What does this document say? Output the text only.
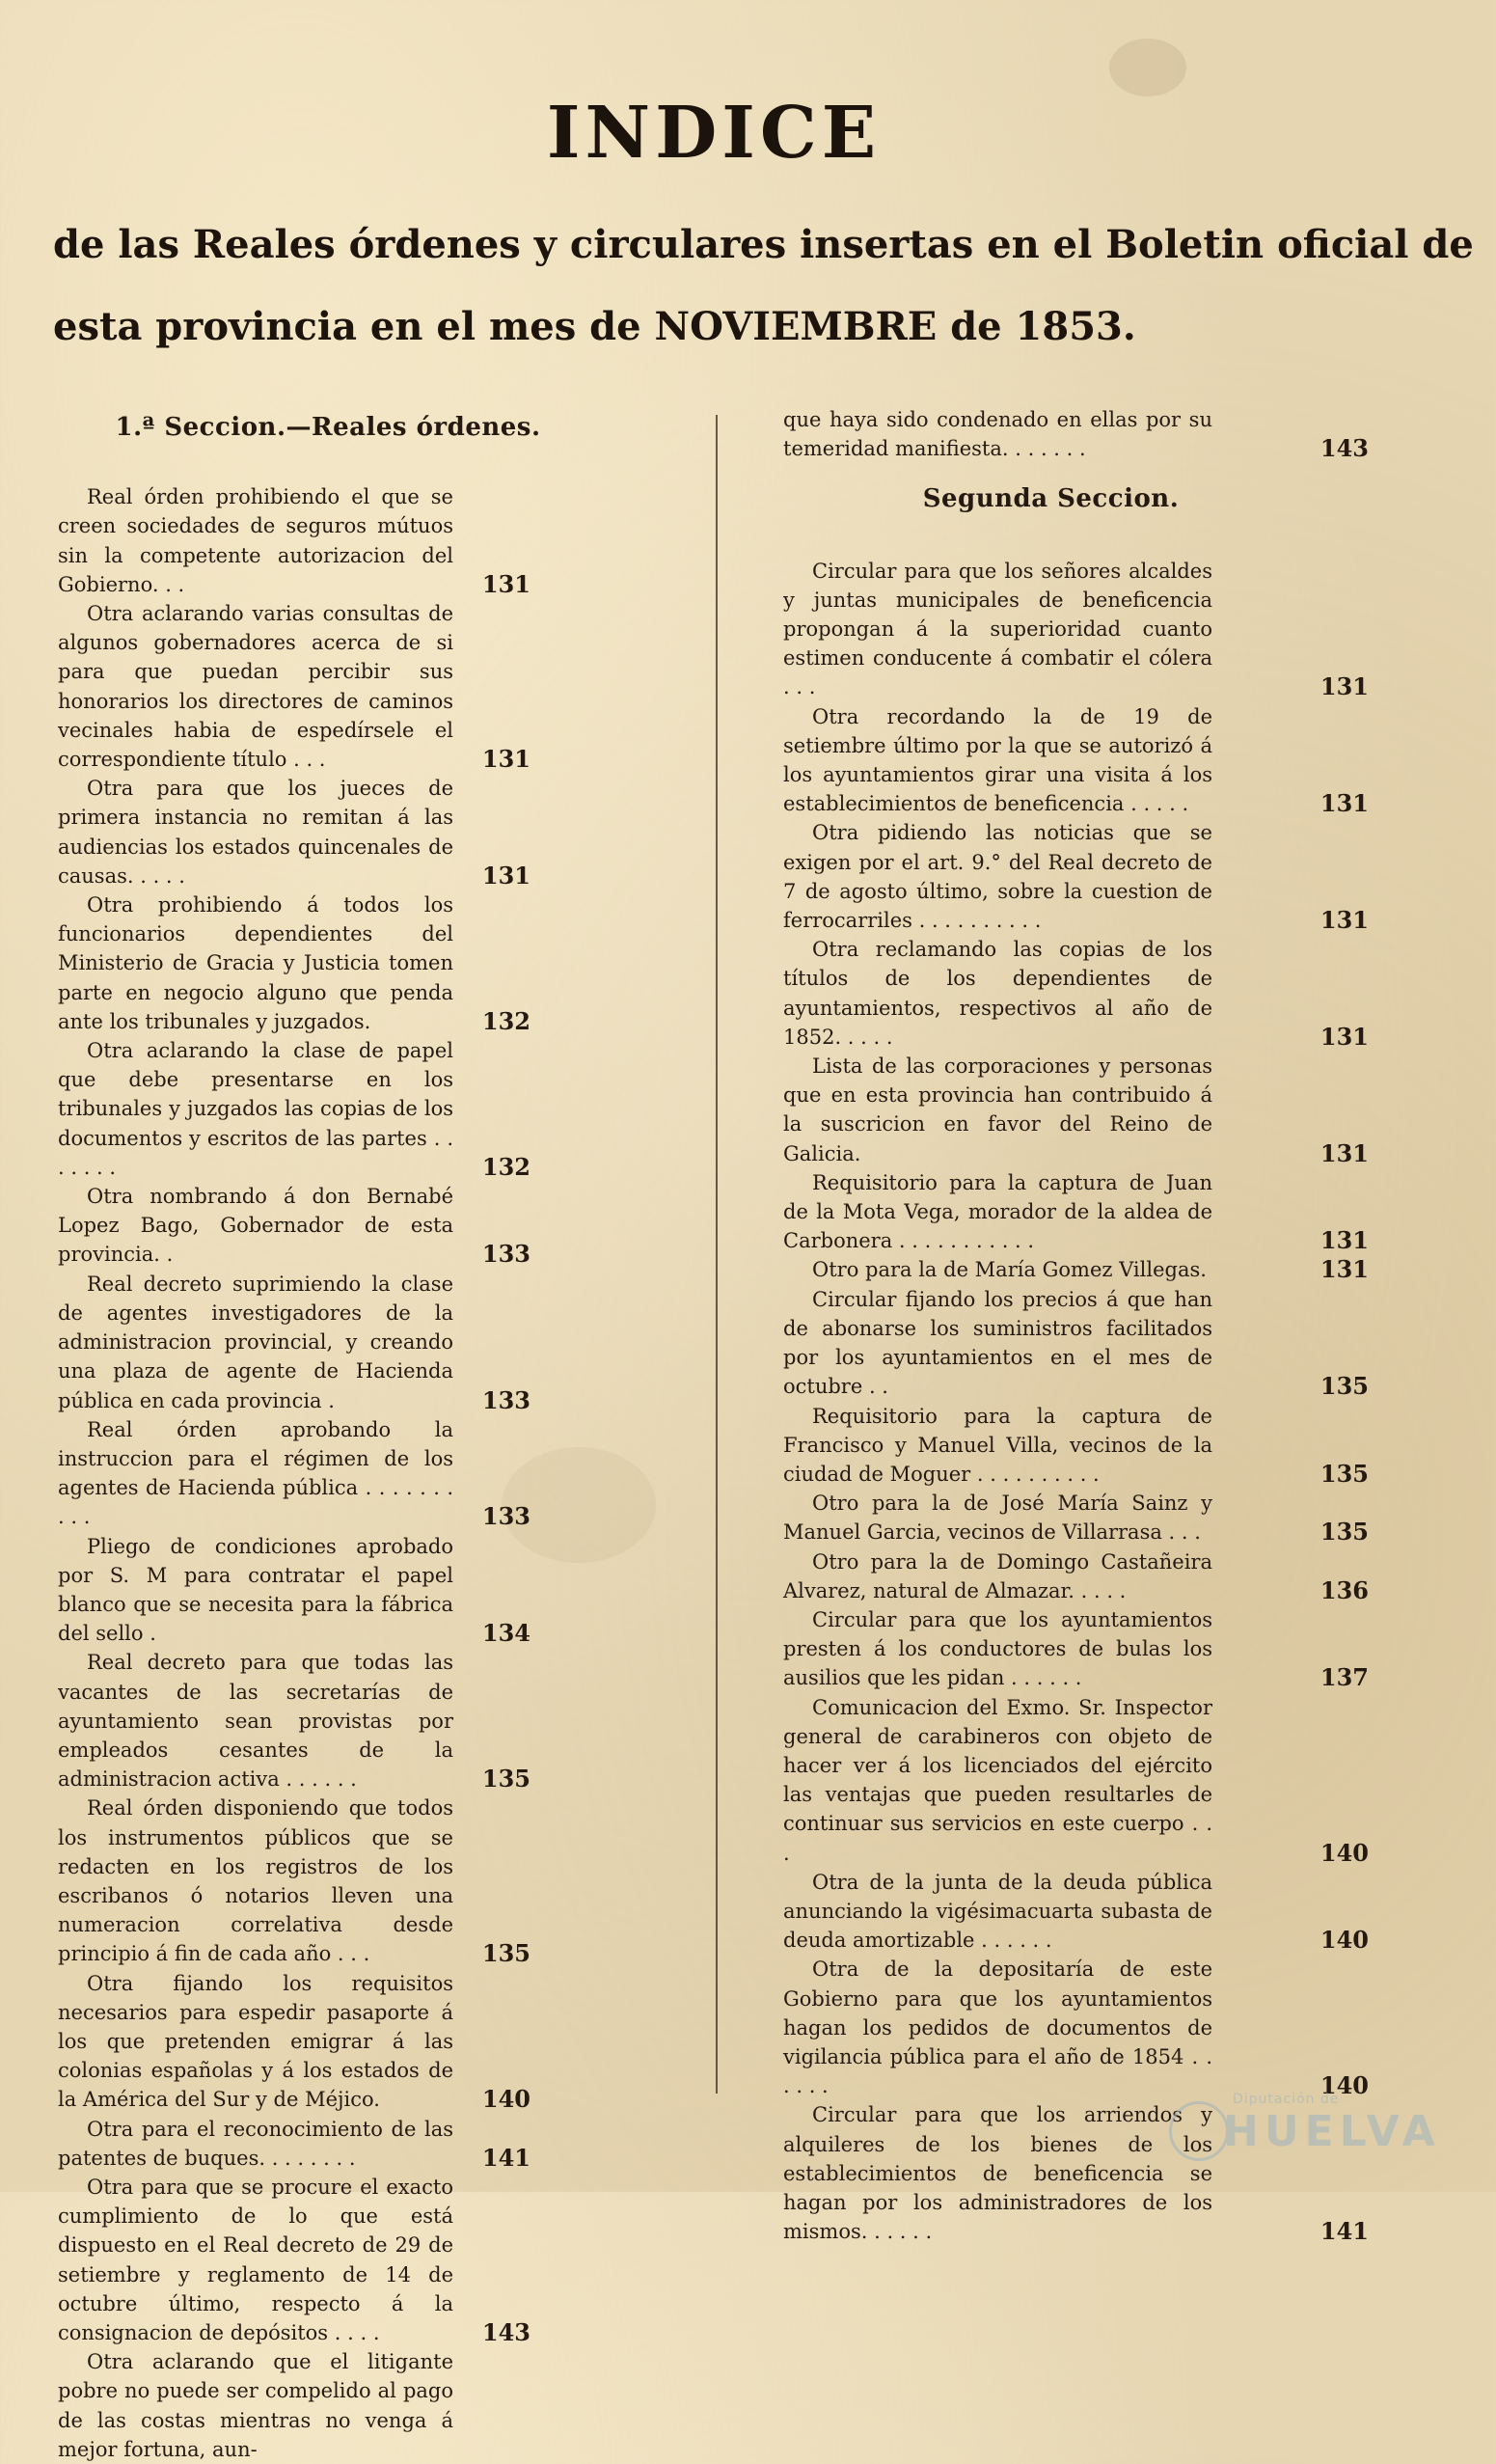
INDICE
de las Reales órdenes y circulares insertas en el Boletin oficial de
esta provincia en el mes de NOVIEMBRE de 1853.
1.ª Seccion.—Reales órdenes.
Real órden prohibiendo el que se creen sociedades de seguros mútuos sin la competente autorizacion del Gobierno. . .	131
Otra aclarando varias consultas de algunos gobernadores acerca de si para que puedan percibir sus honorarios los directores de caminos vecinales habia de espedírsele el correspondiente título . . .	131
Otra para que los jueces de primera instancia no remitan á las audiencias los estados quincenales de causas. . . . .	131
Otra prohibiendo á todos los funcionarios dependientes del Ministerio de Gracia y Justicia tomen parte en negocio alguno que penda ante los tribunales y juzgados.	132
Otra aclarando la clase de papel que debe presentarse en los tribunales y juzgados las copias de los documentos y escritos de las partes . . . . . . .	132
Otra nombrando á don Bernabé Lopez Bago, Gobernador de esta provincia. .	133
Real decreto suprimiendo la clase de agentes investigadores de la administracion provincial, y creando una plaza de agente de Hacienda pública en cada provincia .	133
Real órden aprobando la instruccion para el régimen de los agentes de Hacienda pública . . . . . . . . . .	133
Pliego de condiciones aprobado por S. M para contratar el papel blanco que se necesita para la fábrica del sello .	134
Real decreto para que todas las vacantes de las secretarías de ayuntamiento sean provistas por empleados cesantes de la administracion activa . . . . . .	135
Real órden disponiendo que todos los instrumentos públicos que se redacten en los registros de los escribanos ó notarios lleven una numeracion correlativa desde principio á fin de cada año . . .	135
Otra fijando los requisitos necesarios para espedir pasaporte á los que pretenden emigrar á las colonias españolas y á los estados de la América del Sur y de Méjico.	140
Otra para el reconocimiento de las patentes de buques. . . . . . . .	141
Otra para que se procure el exacto cumplimiento de lo que está dispuesto en el Real decreto de 29 de setiembre y reglamento de 14 de octubre último, respecto á la consignacion de depósitos . . . .	143
Otra aclarando que el litigante pobre no puede ser compelido al pago de las costas mientras no venga á mejor fortuna, aun-
que haya sido condenado en ellas por su temeridad manifiesta. . . . . . .	143
Segunda Seccion.
Circular para que los señores alcaldes y juntas municipales de beneficencia propongan á la superioridad cuanto estimen conducente á combatir el cólera . . .	131
Otra recordando la de 19 de setiembre último por la que se autorizó á los ayuntamientos girar una visita á los establecimientos de beneficencia . . . . .	131
Otra pidiendo las noticias que se exigen por el art. 9.° del Real decreto de 7 de agosto último, sobre la cuestion de ferrocarriles . . . . . . . . . .	131
Otra reclamando las copias de los títulos de los dependientes de ayuntamientos, respectivos al año de 1852. . . . .	131
Lista de las corporaciones y personas que en esta provincia han contribuido á la suscricion en favor del Reino de Galicia.	131
Requisitorio para la captura de Juan de la Mota Vega, morador de la aldea de Carbonera . . . . . . . . . . .	131
Otro para la de María Gomez Villegas.	131
Circular fijando los precios á que han de abonarse los suministros facilitados por los ayuntamientos en el mes de octubre . .	135
Requisitorio para la captura de Francisco y Manuel Villa, vecinos de la ciudad de Moguer . . . . . . . . . .	135
Otro para la de José María Sainz y Manuel Garcia, vecinos de Villarrasa . . .	135
Otro para la de Domingo Castañeira Alvarez, natural de Almazar. . . . .	136
Circular para que los ayuntamientos presten á los conductores de bulas los ausilios que les pidan . . . . . .	137
Comunicacion del Exmo. Sr. Inspector general de carabineros con objeto de hacer ver á los licenciados del ejército las ventajas que pueden resultarles de continuar sus servicios en este cuerpo . . .	140
Otra de la junta de la deuda pública anunciando la vigésimacuarta subasta de deuda amortizable . . . . . .	140
Otra de la depositaría de este Gobierno para que los ayuntamientos hagan los pedidos de documentos de vigilancia pública para el año de 1854 . . . . . .	140
Circular para que los arriendos y alquileres de los bienes de los establecimientos de beneficencia se hagan por los administradores de los mismos. . . . . .	141
Diputación de
HUELVA
